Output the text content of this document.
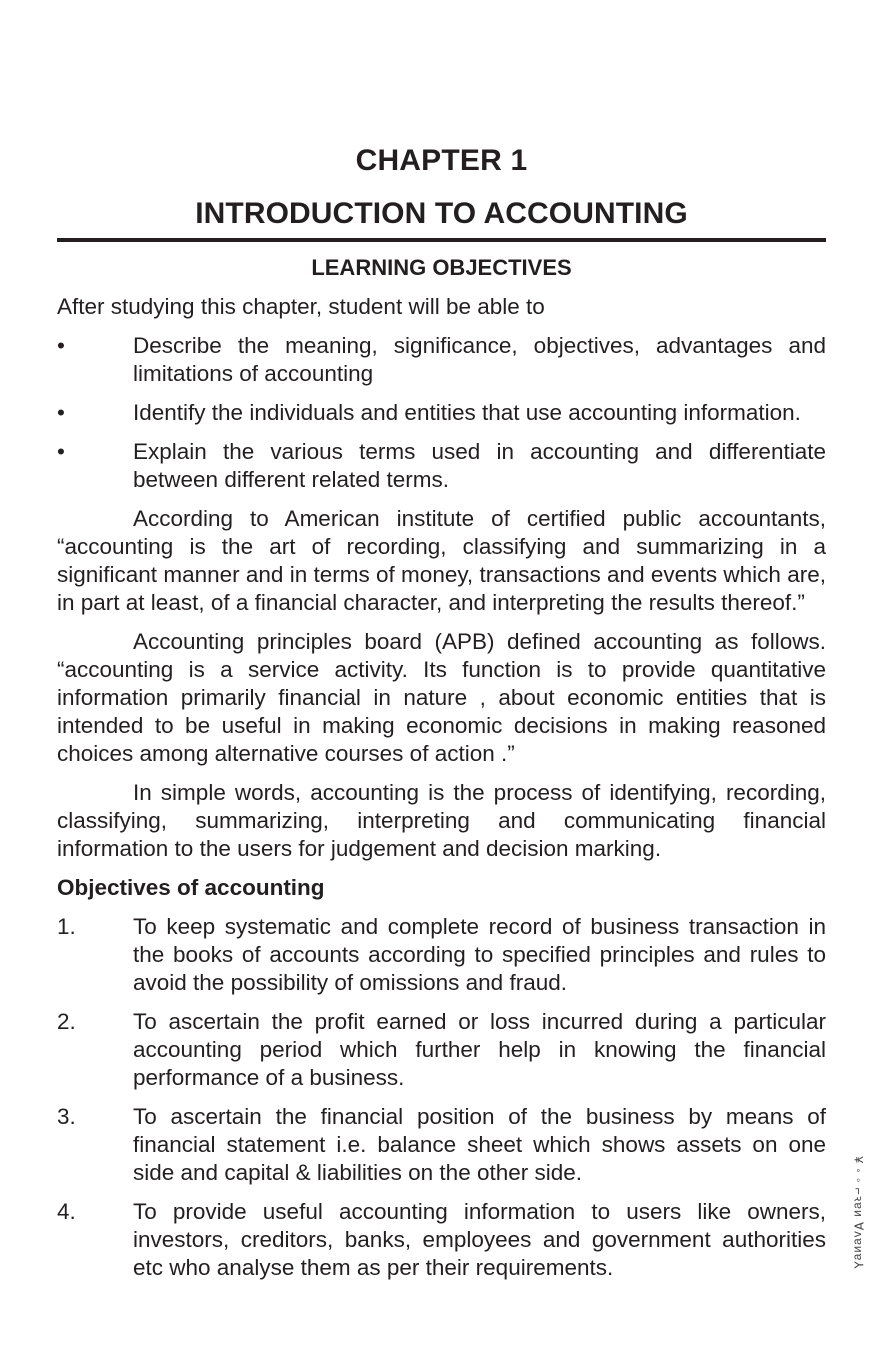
CHAPTER 1
INTRODUCTION TO ACCOUNTING
LEARNING OBJECTIVES

After studying this chapter, student will be able to

•	Describe the meaning, significance, objectives, advantages and limitations of accounting
•	Identify the individuals and entities that use accounting information.
•	Explain the various terms used in accounting and differentiate between different related terms.

According to American institute of certified public accountants, “accounting is the art of recording, classifying and summarizing in a significant manner and in terms of money, transactions and events which are, in part at least, of a financial character, and interpreting the results thereof.”

Accounting principles board (APB) defined accounting as follows. “accounting is a service activity. Its function is to provide quantitative information primarily financial in nature , about economic entities that is intended to be useful in making economic decisions in making reasoned choices among alternative courses of action .”

In simple words, accounting is the process of identifying, recording, classifying, summarizing, interpreting and communicating financial information to the users for judgement and decision marking.

Objectives of accounting
1.	To keep systematic and complete record of business transaction in the books of accounts according to specified principles and rules to avoid the possibility of omissions and fraud.
2.	To ascertain the profit earned or loss incurred during a particular accounting period which further help in knowing the financial performance of a business.
3.	To ascertain the financial position of the business by means of financial statement i.e. balance sheet which shows assets on one side and capital & liabilities on the other side.
4.	To provide useful accounting information to users like owners, investors, creditors, banks, employees and government authorities etc who analyse them as per their requirements.	¥ ◦ ◦ ⌐ꝛɐᴎ Ɐᴧɐᴎɐ⅄
